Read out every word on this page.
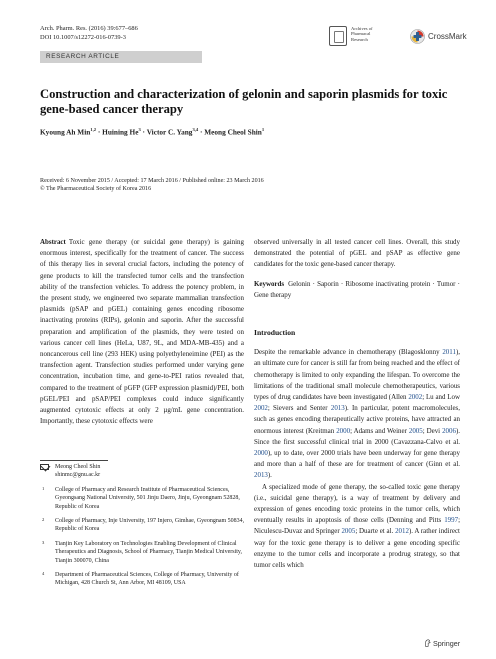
Arch. Pharm. Res. (2016) 39:677–686
DOI 10.1007/s12272-016-0739-3
RESEARCH ARTICLE
Archives of
Pharmacal
Research	CrossMark
Construction and characterization of gelonin and saporin plasmids for toxic gene-based cancer therapy
Kyoung Ah Min$^{1,2}$ · Huining $He^3$ · Victor C. Yang$^{3,4}$ · Meong Cheol Shin$^1$
Received: 6 November 2015 / Accepted: 17 March 2016 / Published online: 23 March 2016
© The Pharmaceutical Society of Korea 2016

Abstract Toxic gene therapy (or suicidal gene therapy) is gaining enormous interest, specifically for the treatment of cancer. The success of this therapy lies in several crucial factors, including the potency of gene products to kill the transfected tumor cells and the transfection ability of the transfection vehicles. To address the potency problem, in the present study, we engineered two separate mammalian transfection plasmids (pSAP and pGEL) containing genes encoding ribosome inactivating proteins (RIPs), gelonin and saporin. After the successful preparation and amplification of the plasmids, they were tested on various cancer cell lines (HeLa, U87, 9L, and MDA-MB-435) and a noncancerous cell line (293 HEK) using polyethyleneimine (PEI) as the transfection agent. Transfection studies performed under varying gene concentration, incubation time, and gene-to-PEI ratios revealed that, compared to the treatment of pGFP (GFP expression plasmid)/PEI, both pGEL/PEI and pSAP/PEI complexes could induce significantly augmented cytotoxic effects at only 2 µg/mL gene concentration. Importantly, these cytotoxic effects were

observed universally in all tested cancer cell lines. Overall, this study demonstrated the potential of pGEL and pSAP as effective gene candidates for the toxic gene-based cancer therapy.

Keywords Gelonin · Saporin · Ribosome inactivating protein · Tumor · Gene therapy

Introduction

Despite the remarkable advance in chemotherapy (Blagosklonny 2011), an ultimate cure for cancer is still far from being reached and the effect of chemotherapy is limited to only expanding the lifespan. To overcome the limitations of the traditional small molecule chemotherapeutics, various types of drug candidates have been investigated (Allen 2002; Lu and Low 2002; Sievers and Senter 2013). In particular, potent macromolecules, such as genes encoding therapeutically active proteins, have attracted an enormous interest (Kreitman 2000; Adams and Weiner 2005; Devi 2006). Since the first successful clinical trial in 2000 (Cavazzana-Calvo et al. 2000), up to date, over 2000 trials have been underway for gene therapy and more than a half of these are for treatment of cancer (Ginn et al. 2013).

A specialized mode of gene therapy, the so-called toxic gene therapy (i.e., suicidal gene therapy), is a way of treatment by delivery and expression of genes encoding toxic proteins in the tumor cells, which eventually results in apoptosis of those cells (Denning and Pitts 1997; Niculescu-Duvaz and Springer 2005; Duarte et al. 2012). A rather indirect way for the toxic gene therapy is to deliver a gene encoding specific enzyme to the tumor cells and incorporate a prodrug strategy, so that tumor cells which

Meong Cheol Shin
shinmc@gnu.ac.kr
1 College of Pharmacy and Research Institute of Pharmaceutical Sciences, Gyeongsang National University, 501 Jinju Daero, Jinju, Gyeongnam 52828, Republic of Korea
2 College of Pharmacy, Inje University, 197 Injero, Gimhae, Gyeongnam 50834, Republic of Korea
3 Tianjin Key Laboratory on Technologies Enabling Development of Clinical Therapeutics and Diagnosis, School of Pharmacy, Tianjin Medical University, Tianjin 300070, China
4 Department of Pharmaceutical Sciences, College of Pharmacy, University of Michigan, 428 Church St, Ann Arbor, MI 48109, USA
Springer
